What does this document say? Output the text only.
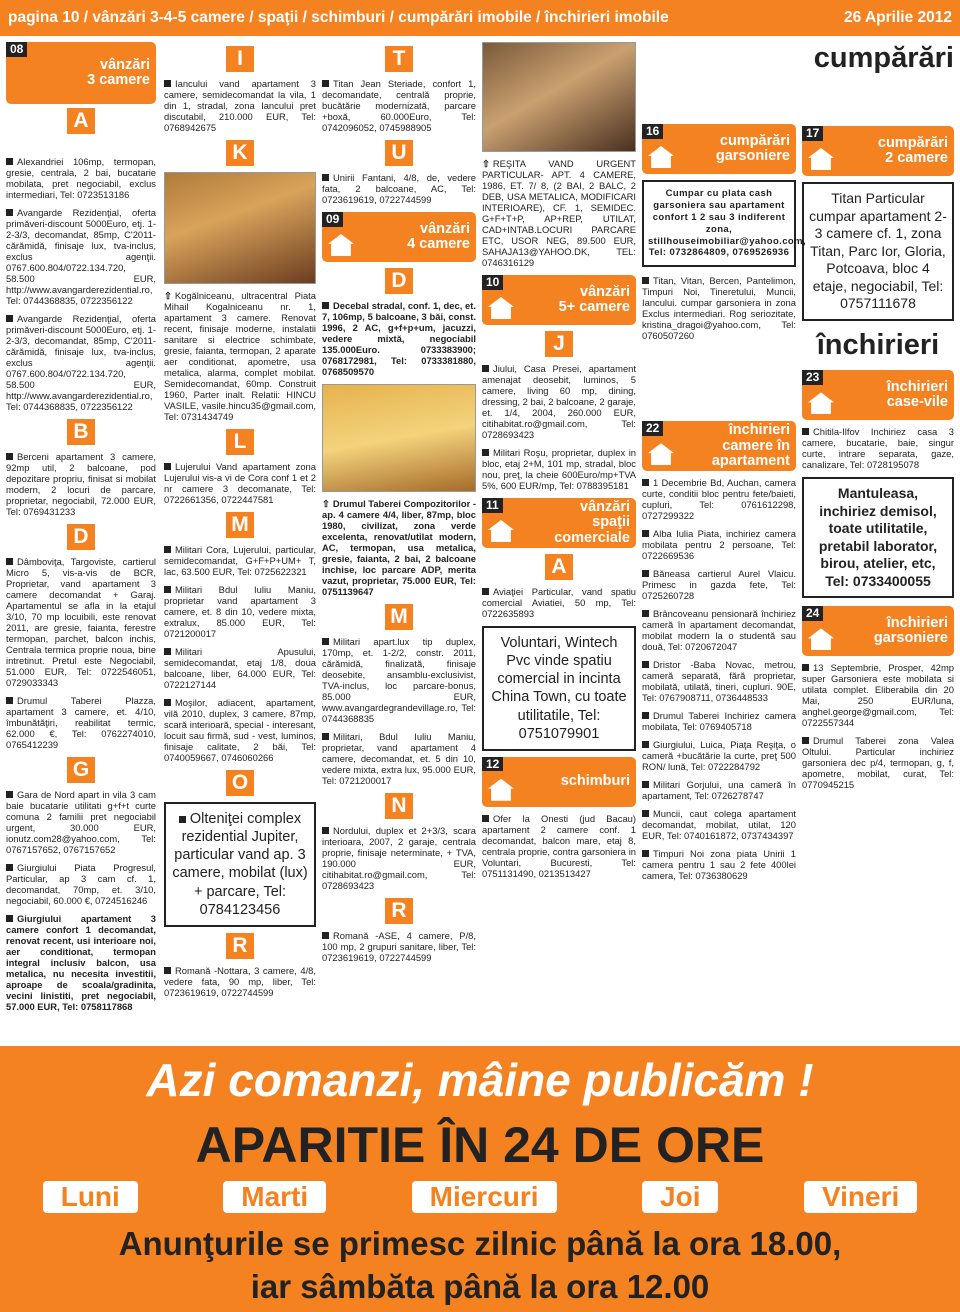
pagina 10 / vânzări 3-4-5 camere / spaţii / schimburi / cumpărări imobile / închirieri imobile	26 Aprilie 2012
08
vânzări
3 camere
A

Alexandriei 106mp, termopan, gresie, centrala, 2 bai, bucatarie mobilata, pret negociabil, exclus intermediari, Tel: 0723513186

Avangarde Rezidenţial, oferta primăveri-discount 5000Euro, etj. 1-2-3/3, decomandat, 85mp, C'2011-cărămidă, finisaje lux, tva-inclus, exclus agenţii. 0767.600.804/0722.134.720, 58.500 EUR, http://www.avangarderezidential.ro, Tel: 0744368835, 0722356122

Avangarde Rezidenţial, oferta primăveri-discount 5000Euro, etj. 1-2-3/3, decomandat, 85mp, C'2011-cărămidă, finisaje lux, tva-inclus, exclus agenţii. 0767.600.804/0722.134.720, 58.500 EUR, http://www.avangarderezidential.ro, Tel: 0744368835, 0722356122

B

Berceni apartament 3 camere, 92mp util, 2 balcoane, pod depozitare propriu, finisat si mobilat modern, 2 locuri de parcare, proprietar, negociabil, 72.000 EUR, Tel: 0769431233

D

Dâmboviţa, Targoviste, cartierul Micro 5, vis-a-vis de BCR, Proprietar, vand apartament 3 camere decomandat + Garaj. Apartamentul se afla in la etajul 3/10, 70 mp locuibili, este renovat 2011, are gresie, faianta, ferestre termopan, parchet, balcon inchis, Centrala termica proprie noua, bine intretinut. Pretul este Negociabil, 51.000 EUR, Tel: 0722546051, 0729033343

Drumul Taberei Plazza, apartament 3 camere, et. 4/10, îmbunătăţiri, reabilitat termic, 62.000 €, Tel: 0762274010, 0765412239

G

Gara de Nord apart in vila 3 cam baie bucatarie utilitati g+f+t curte comuna 2 familii pret negociabil urgent, 30.000 EUR, ionutz.com28@yahoo.com, Tel: 0767157652, 0767157652

Giurgiului Piata Progresul, Particular, ap 3 cam cf. 1, decomandat, 70mp, et. 3/10, negociabil, 60.000 €, 0724516246

Giurgiului apartament 3 camere confort 1 decomandat, renovat recent, usi interioare noi, aer conditionat, termopan integral inclusiv balcon, usa metalica, nu necesita investitii, aproape de scoala/gradinita, vecini linistiti, pret negociabil, 57.000 EUR, Tel: 0758117868

I

Iancului vand apartament 3 camere, semidecomandat la vila, 1 din 1, stradal, zona Iancului pret discutabil, 210.000 EUR, Tel: 0768942675

K

⇧ Kogălniceanu, ultracentral Piata Mihail Kogalniceanu nr. 1, apartament 3 camere. Renovat recent, finisaje moderne, instalatii sanitare si electrice schimbate, gresie, faianta, termopan, 2 aparate aer conditionat, apometre, usa metalica, alarma, complet mobilat. Semidecomandat, 60mp. Construit 1960, Parter inalt. Relatii: HINCU VASILE, vasile.hincu35@gmail.com, Tel: 0731434749

L

Lujerului Vand apartament zona Lujerului vis-a vi de Cora conf 1 et 2 nr camere 3 decomanate, Tel: 0722661356, 0722447581

M

Militari Cora, Lujerului, particular, semidecomandat, G+F+P+UM+ T, lac, 63.500 EUR, Tel: 0725622321

Militari Bdul Iuliu Maniu, proprietar vand apartament 3 camere, et. 8 din 10, vedere mixta, extralux, 85.000 EUR, Tel: 0721200017

Militari Apusului, semidecomandat, etaj 1/8, doua balcoane, liber, 64.000 EUR, Tel: 0722127144

Moşilor, adiacent, apartament, vilă 2010, duplex, 3 camere, 87mp, scară interioară, special - interesant, locuit sau firmă, sud - vest, luminos, finisaje calitate, 2 băi, Tel: 0740059667, 0746060266

O
Olteniţei complex rezidential Jupiter, particular vand ap. 3 camere, mobilat (lux) + parcare, Tel: 0784123456
R

Romană -Nottara, 3 camere, 4/8, vedere fata, 90 mp, liber, Tel: 0723619619, 0722744599

T

Titan Jean Steriade, confort 1, decomandate, centrală proprie, bucătărie modernizată, parcare +boxă, 60.000Euro, Tel: 0742096052, 0745988905

U

Unirii Fantani, 4/8, de, vedere fata, 2 balcoane, AC, Tel: 0723619619, 0722744599

09
vânzări
4 camere
D

Decebal stradal, conf. 1, dec, et. 7, 106mp, 5 balcoane, 3 băi, const. 1996, 2 AC, g+f+p+um, jacuzzi, vedere mixtă, negociabil 135.000Euro. 0733383900; 0768172981, Tel: 0733381880, 0768509570

⇧ Drumul Taberei Compozitorilor - ap. 4 camere 4/4, liber, 87mp, bloc 1980, civilizat, zona verde excelenta, renovat/utilat modern, AC, termopan, usa metalica, gresie, faianta, 2 bai, 2 balcoane inchise, loc parcare ADP, merita vazut, proprietar, 75.000 EUR, Tel: 0751139647

M

Militari apart.lux tip duplex, 170mp, et. 1-2/2, constr. 2011, cărămidă, finalizată, finisaje deosebite, ansamblu-exclusivist, TVA-inclus, loc parcare-bonus, 85.000 EUR, www.avangardegrandevillage.ro, Tel: 0744368835

Militari, Bdul Iuliu Maniu, proprietar, vand apartament 4 camere, decomandat, et. 5 din 10, vedere mixta, extra lux, 95.000 EUR, Tel: 0721200017

N

Nordului, duplex et 2+3/3, scara interioara, 2007, 2 garaje, centrala proprie, finisaje neterminate, + TVA, 190.000 EUR, citihabitat.ro@gmail.com, Tel: 0728693423

R

Romană -ASE, 4 camere, P/8, 100 mp, 2 grupuri sanitare, liber, Tel: 0723619619, 0722744599

⇧ REŞITA VAND URGENT PARTICULAR- APT. 4 CAMERE, 1986, ET. 7/ 8, (2 BAI, 2 BALC, 2 DEB, USA METALICA, MODIFICARI INTERIOARE), CF. 1, SEMIDEC. G+F+T+P, AP+REP, UTILAT, CAD+INTAB.LOCURI PARCARE ETC, USOR NEG, 89.500 EUR, SAHAJA13@YAHOO.DK, TEL: 0746316129

10
vânzări
5+ camere
J

Jiului, Casa Presei, apartament amenajat deosebit, luminos, 5 camere, living 60 mp, dining, dressing, 2 bai, 2 balcoane, 2 garaje, et. 1/4, 2004, 260.000 EUR, citihabitat.ro@gmail.com, Tel: 0728693423

Militari Roşu, proprietar, duplex in bloc, etaj 2+M, 101 mp, stradal, bloc nou, preţ, la cheie 600Euro/mp+TVA 5%, 600 EUR/mp, Tel: 0788395181

11	vânzări
spaţii comerciale
A

Aviaţiei Particular, vand spatiu comercial Aviatiei, 50 mp, Tel: 0722635893

Voluntari, Wintech Pvc vinde spatiu comercial in incinta China Town, cu toate utilitatile, Tel: 0751079901
12
schimburi

Ofer la Onesti (jud Bacau) apartament 2 camere conf. 1 decomandat, balcon mare, etaj 8, centrala proprie, contra garsoniera in Voluntari, Bucuresti, Tel: 0751131490, 0213513427

cumpărări
16
cumpărări
garsoniere
Cumpar cu plata cash garsoniera sau apartament confort 1 2 sau 3 indiferent zona, stillhouseimobiliar@yahoo.com, Tel: 0732864809, 0769526936

Titan, Vitan, Bercen, Pantelimon, Timpuri Noi, Tineretului, Muncii, Iancului. cumpar garsoniera in zona Exclus intermediari. Rog seriozitate, kristina_dragoi@yahoo.com, Tel: 0760507260

22	închirieri
camere în apartament

1 Decembrie Bd, Auchan, camera curte, conditii bloc pentru fete/baieti, cupluri, Tel: 0761612298, 0727299322

Alba Iulia Piata, inchiriez camera mobilata pentru 2 persoane, Tel: 0722669536

Băneasa cartierul Aurel Vlaicu. Primesc in gazda fete, Tel: 0725260728

Brâncoveanu pensionară închiriez cameră în apartament decomandat, mobilat modern la o studentă sau două, Tel: 0720672047

Dristor -Baba Novac, metrou, cameră separată, fără proprietar, mobilată, utilată, tineri, cupluri. 90E, Tel: 0767908711, 0736448533

Drumul Taberei Inchiriez camera mobilata, Tel: 0769405718

Giurgiului, Luica, Piaţa Reşiţa, o cameră +bucătărie la curte, preţ 500 RON/ lună, Tel: 0722284792

Militari Gorjului, una cameră în apartament, Tel: 0726278747

Muncii, caut colega apartament decomandat, mobilat, utilat, 120 EUR, Tel: 0740161872, 0737434397

Timpuri Noi zona piata Unirii 1 camera pentru 1 sau 2 fete 400lei camera, Tel: 0736380629

17
cumpărări
2 camere
Titan Particular cumpar apartament 2-3 camere cf. 1, zona Titan, Parc Ior, Gloria, Potcoava, bloc 4 etaje, negociabil, Tel: 0757111678
închirieri
23
închirieri
case-vile

Chitila-Ilfov Inchiriez casa 3 camere, bucatarie, baie, singur curte, intrare separata, gaze, canalizare, Tel: 0728195078

Mantuleasa, inchiriez demisol, toate utilitatile, pretabil laborator, birou, atelier, etc, Tel: 0733400055
24
închirieri
garsoniere

13 Septembrie, Prosper, 42mp super Garsoniera este mobilata si utilata complet. Eliberabila din 20 Mai, 250 EUR/luna, anghel.george@gmail.com, Tel: 0722557344

Drumul Taberei zona Valea Oltului. Particular inchiriez garsoniera dec p/4, termopan, g, f, apometre, mobilat, curat, Tel: 0770945215

Azi comanzi, mâine publicăm !
APARITIE ÎN 24 DE ORE
Luni	Marti	Miercuri	Joi	Vineri
Anunţurile se primesc zilnic până la ora 18.00,
iar sâmbăta până la ora 12.00
